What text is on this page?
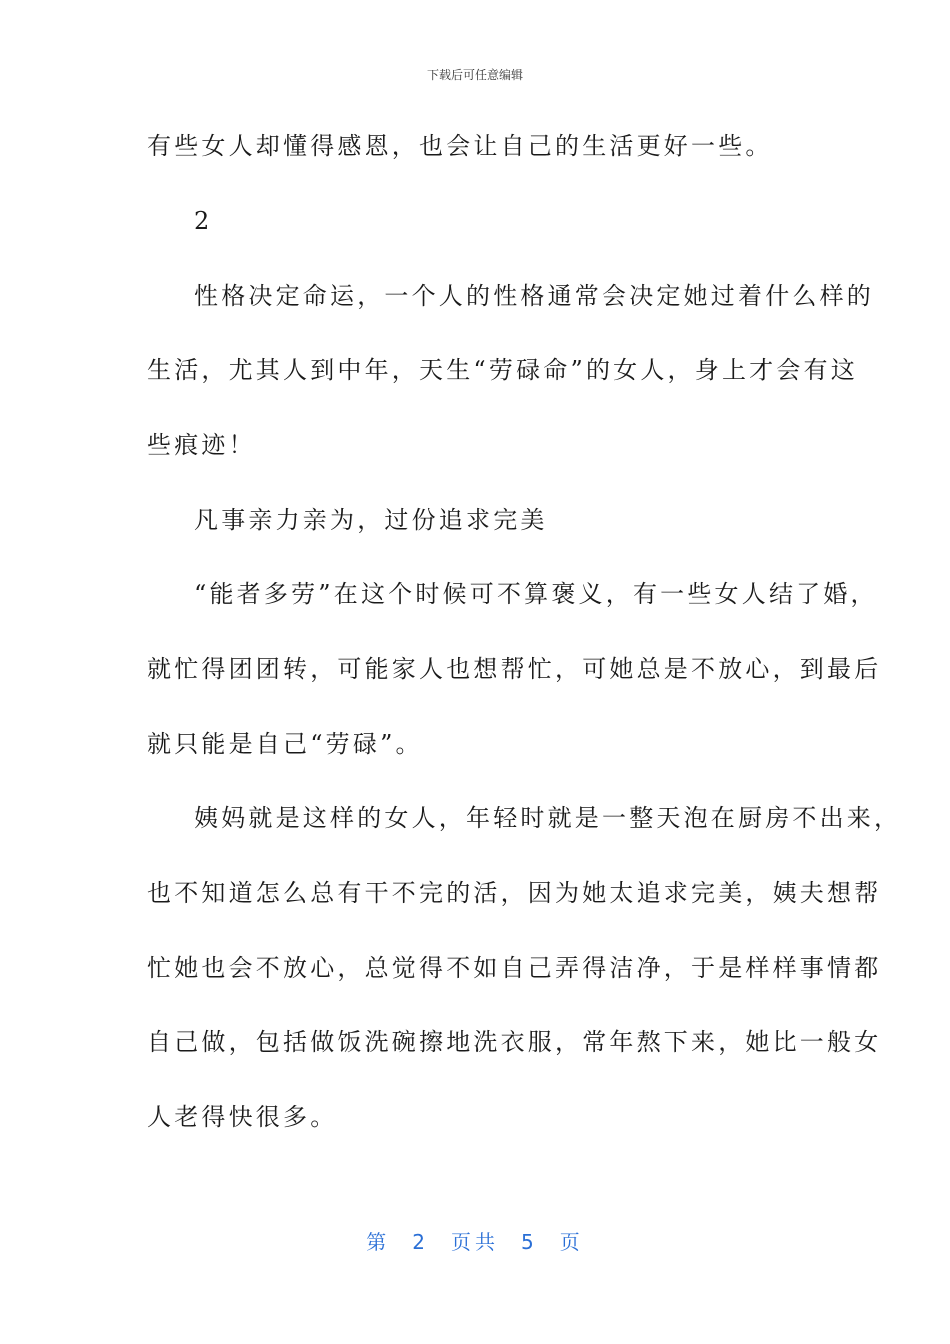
下载后可任意编辑
有些女人却懂得感恩，也会让自己的生活更好一些。
2
性格决定命运，一个人的性格通常会决定她过着什么样的
生活，尤其人到中年，天生“劳碌命”的女人，身上才会有这
些痕迹！
凡事亲力亲为，过份追求完美
“能者多劳”在这个时候可不算褒义，有一些女人结了婚，
就忙得团团转，可能家人也想帮忙，可她总是不放心，到最后
就只能是自己“劳碌”。
姨妈就是这样的女人，年轻时就是一整天泡在厨房不出来，
也不知道怎么总有干不完的活，因为她太追求完美，姨夫想帮
忙她也会不放心，总觉得不如自己弄得洁净，于是样样事情都
自己做，包括做饭洗碗擦地洗衣服，常年熬下来，她比一般女
人老得快很多。
第 2 页共 5 页
